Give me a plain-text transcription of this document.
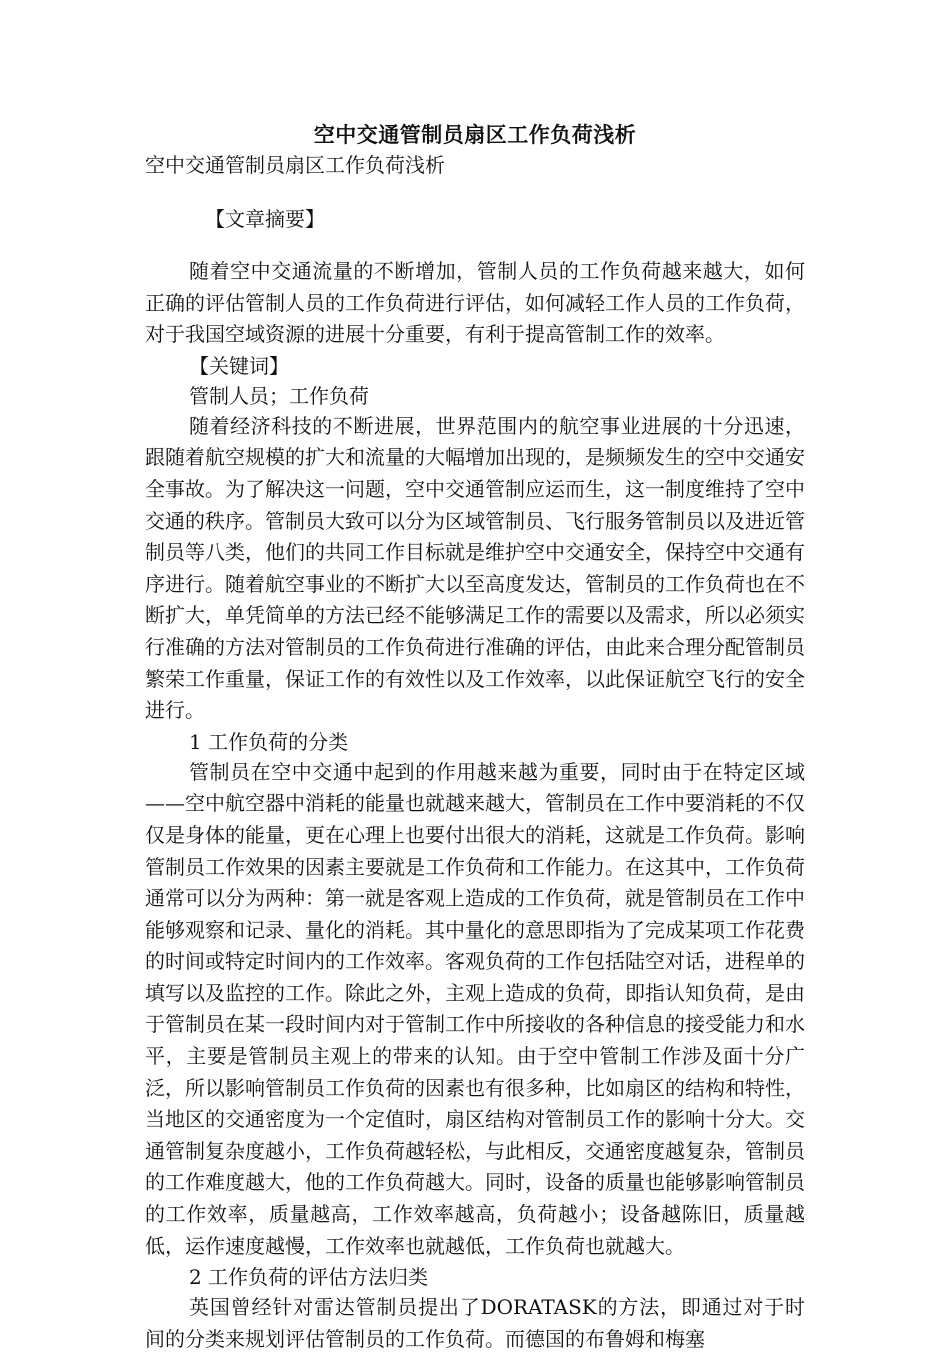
空中交通管制员扇区工作负荷浅析
空中交通管制员扇区工作负荷浅析
【文章摘要】

随着空中交通流量的不断增加，管制人员的工作负荷越来越大，如何正确的评估管制人员的工作负荷进行评估，如何减轻工作人员的工作负荷，对于我国空域资源的进展十分重要，有利于提高管制工作的效率。

【关键词】
管制人员；工作负荷

随着经济科技的不断进展，世界范围内的航空事业进展的十分迅速，跟随着航空规模的扩大和流量的大幅增加出现的，是频频发生的空中交通安全事故。为了解决这一问题，空中交通管制应运而生，这一制度维持了空中交通的秩序。管制员大致可以分为区域管制员、飞行服务管制员以及进近管制员等八类，他们的共同工作目标就是维护空中交通安全，保持空中交通有序进行。随着航空事业的不断扩大以至高度发达，管制员的工作负荷也在不断扩大，单凭简单的方法已经不能够满足工作的需要以及需求，所以必须实行准确的方法对管制员的工作负荷进行准确的评估，由此来合理分配管制员繁荣工作重量，保证工作的有效性以及工作效率，以此保证航空飞行的安全进行。

1 工作负荷的分类

管制员在空中交通中起到的作用越来越为重要，同时由于在特定区域——空中航空器中消耗的能量也就越来越大，管制员在工作中要消耗的不仅仅是身体的能量，更在心理上也要付出很大的消耗，这就是工作负荷。影响管制员工作效果的因素主要就是工作负荷和工作能力。在这其中，工作负荷通常可以分为两种：第一就是客观上造成的工作负荷，就是管制员在工作中能够观察和记录、量化的消耗。其中量化的意思即指为了完成某项工作花费的时间或特定时间内的工作效率。客观负荷的工作包括陆空对话，进程单的填写以及监控的工作。除此之外，主观上造成的负荷，即指认知负荷，是由于管制员在某一段时间内对于管制工作中所接收的各种信息的接受能力和水平，主要是管制员主观上的带来的认知。由于空中管制工作涉及面十分广泛，所以影响管制员工作负荷的因素也有很多种，比如扇区的结构和特性，当地区的交通密度为一个定值时，扇区结构对管制员工作的影响十分大。交通管制复杂度越小，工作负荷越轻松，与此相反，交通密度越复杂，管制员的工作难度越大，他的工作负荷越大。同时，设备的质量也能够影响管制员的工作效率，质量越高，工作效率越高，负荷越小；设备越陈旧，质量越低，运作速度越慢，工作效率也就越低，工作负荷也就越大。

2 工作负荷的评估方法归类

英国曾经针对雷达管制员提出了DORATASK的方法，即通过对于时间的分类来规划评估管制员的工作负荷。而德国的布鲁姆和梅塞
